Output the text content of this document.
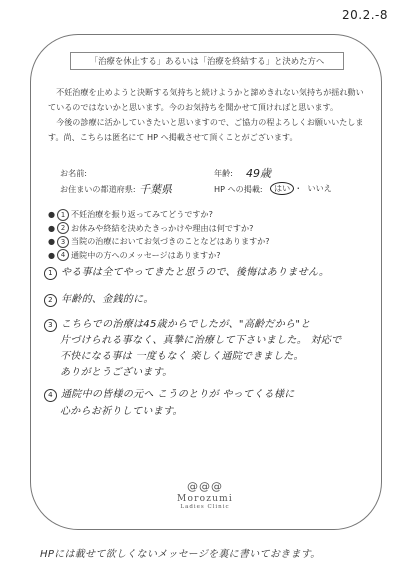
20.2.-8
「治療を休止する」あるいは「治療を終結する」と決めた方へ

不妊治療を止めようと決断する気持ちと続けようかと諦めきれない気持ちが揺れ動いているのではないかと思います。今のお気持ちを聞かせて頂ければと思います。

今後の診療に活かしていきたいと思いますので、ご協力の程よろしくお願いいたします。尚、こちらは匿名にて HP へ掲載させて頂くことがございます。

お名前:	年齢: 49歳
お住まいの都道府県: 千葉県	HP への掲載:	はい ・ いいえ
● 1 不妊治療を振り返ってみてどうですか?
● 2 お休みや終結を決めたきっかけや理由は何ですか?
● 3 当院の治療においてお気づきのことなどはありますか?
● 4 通院中の方へのメッセージはありますか?
1 やる事は全てやってきたと思うので、後悔はありません。
2 年齢的、金銭的に。
3 こちらでの治療は45歳からでしたが、"高齢だから"と
片づけられる事なく、真摯に治療して下さいました。 対応で
不快になる事は 一度もなく 楽しく通院できました。
ありがとうございます。
4 通院中の皆様の元へ こうのとりが やってくる様に
心からお祈りしています。
@@@
Morozumi
Ladies Clinic
HPには載せて欲しくないメッセージを裏に書いておきます。
